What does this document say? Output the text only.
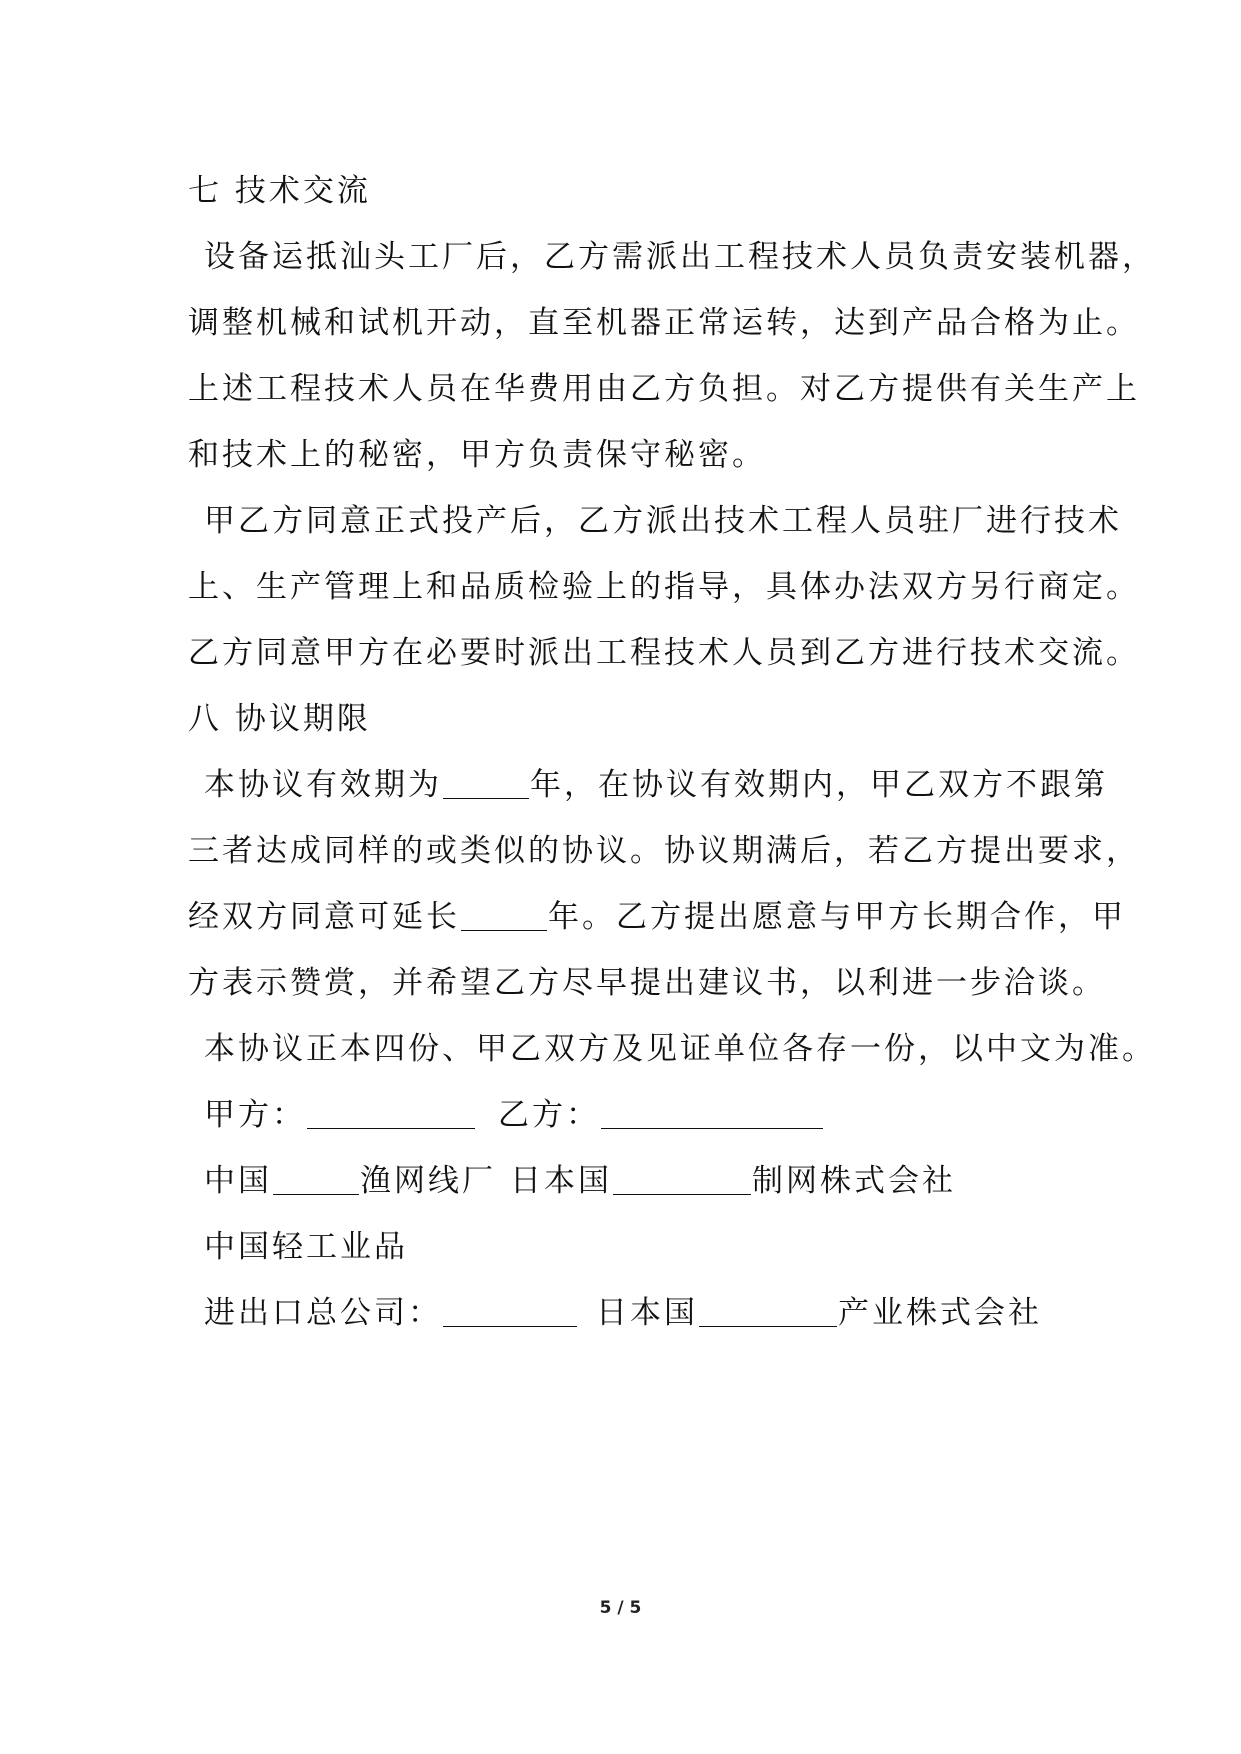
七 技术交流
设备运抵汕头工厂后，乙方需派出工程技术人员负责安装机器，
调整机械和试机开动，直至机器正常运转，达到产品合格为止。
上述工程技术人员在华费用由乙方负担。对乙方提供有关生产上
和技术上的秘密，甲方负责保守秘密。
甲乙方同意正式投产后，乙方派出技术工程人员驻厂进行技术
上、生产管理上和品质检验上的指导，具体办法双方另行商定。
乙方同意甲方在必要时派出工程技术人员到乙方进行技术交流。
八 协议期限
本协议有效期为	年，在协议有效期内，甲乙双方不跟第
三者达成同样的或类似的协议。协议期满后，若乙方提出要求，
经双方同意可延长	年。乙方提出愿意与甲方长期合作，甲
方表示赞赏，并希望乙方尽早提出建议书，以利进一步洽谈。
本协议正本四份、甲乙双方及见证单位各存一份，以中文为准。
甲方：	乙方：
中国	渔网线厂 日本国	制网株式会社
中国轻工业品
进出口总公司：	日本国	产业株式会社
5 / 5
